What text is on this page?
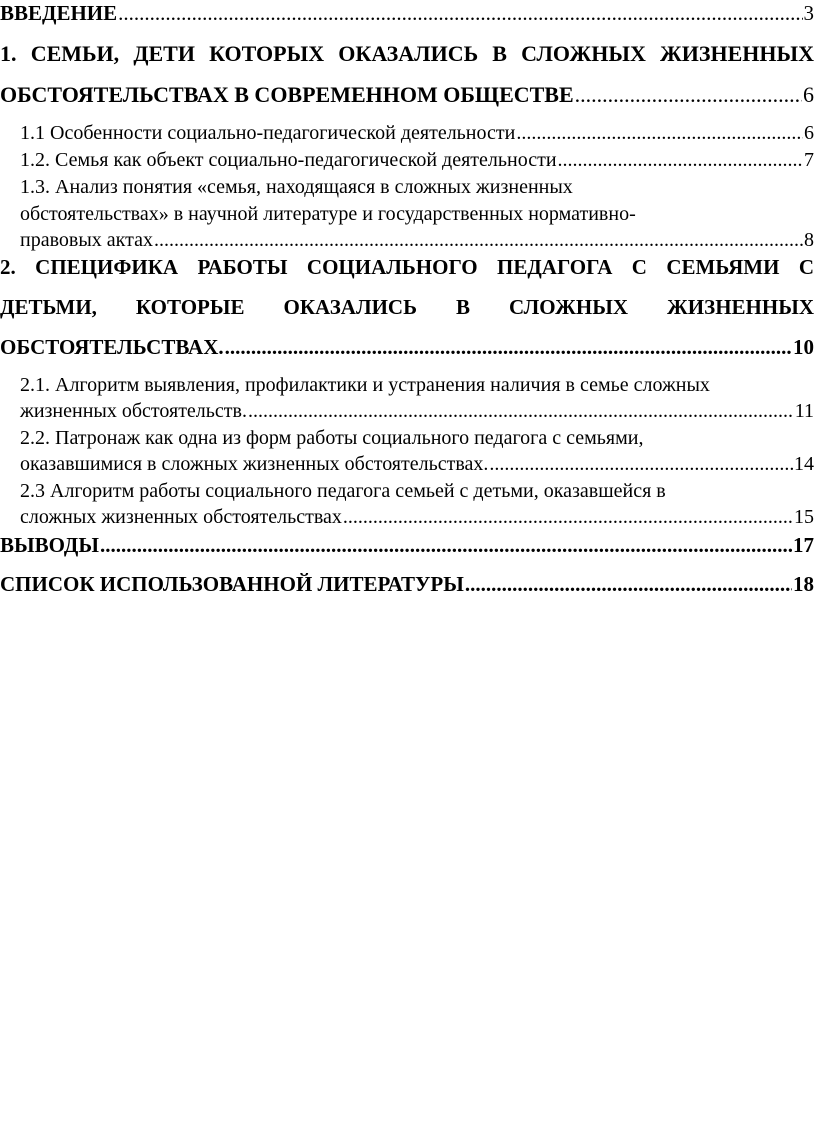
ВВЕДЕНИЕ .....	3
1. СЕМЬИ, ДЕТИ КОТОРЫХ ОКАЗАЛИСЬ В СЛОЖНЫХ ЖИЗНЕННЫХ
ОБСТОЯТЕЛЬСТВАХ В СОВРЕМЕННОМ ОБЩЕСТВЕ .....	6
1.1 Особенности социально-педагогической деятельности .....	6
1.2. Семья как объект социально-педагогической деятельности .....	7
1.3. Анализ понятия «семья, находящаяся в сложных жизненных
обстоятельствах» в научной литературе и государственных нормативно-
правовых актах .....	8
2. СПЕЦИФИКА РАБОТЫ СОЦИАЛЬНОГО ПЕДАГОГА С СЕМЬЯМИ С
ДЕТЬМИ, КОТОРЫЕ ОКАЗАЛИСЬ В СЛОЖНЫХ ЖИЗНЕННЫХ
ОБСТОЯТЕЛЬСТВАХ. .....	10
2.1. Алгоритм выявления, профилактики и устранения наличия в семье сложных
жизненных обстоятельств. .....	11
2.2. Патронаж как одна из форм работы социального педагога с семьями,
оказавшимися в сложных жизненных обстоятельствах. .....	14
2.3 Алгоритм работы социального педагога семьей с детьми, оказавшейся в
сложных жизненных обстоятельствах .....	15
ВЫВОДЫ .....	17
СПИСОК ИСПОЛЬЗОВАННОЙ ЛИТЕРАТУРЫ .....	18
